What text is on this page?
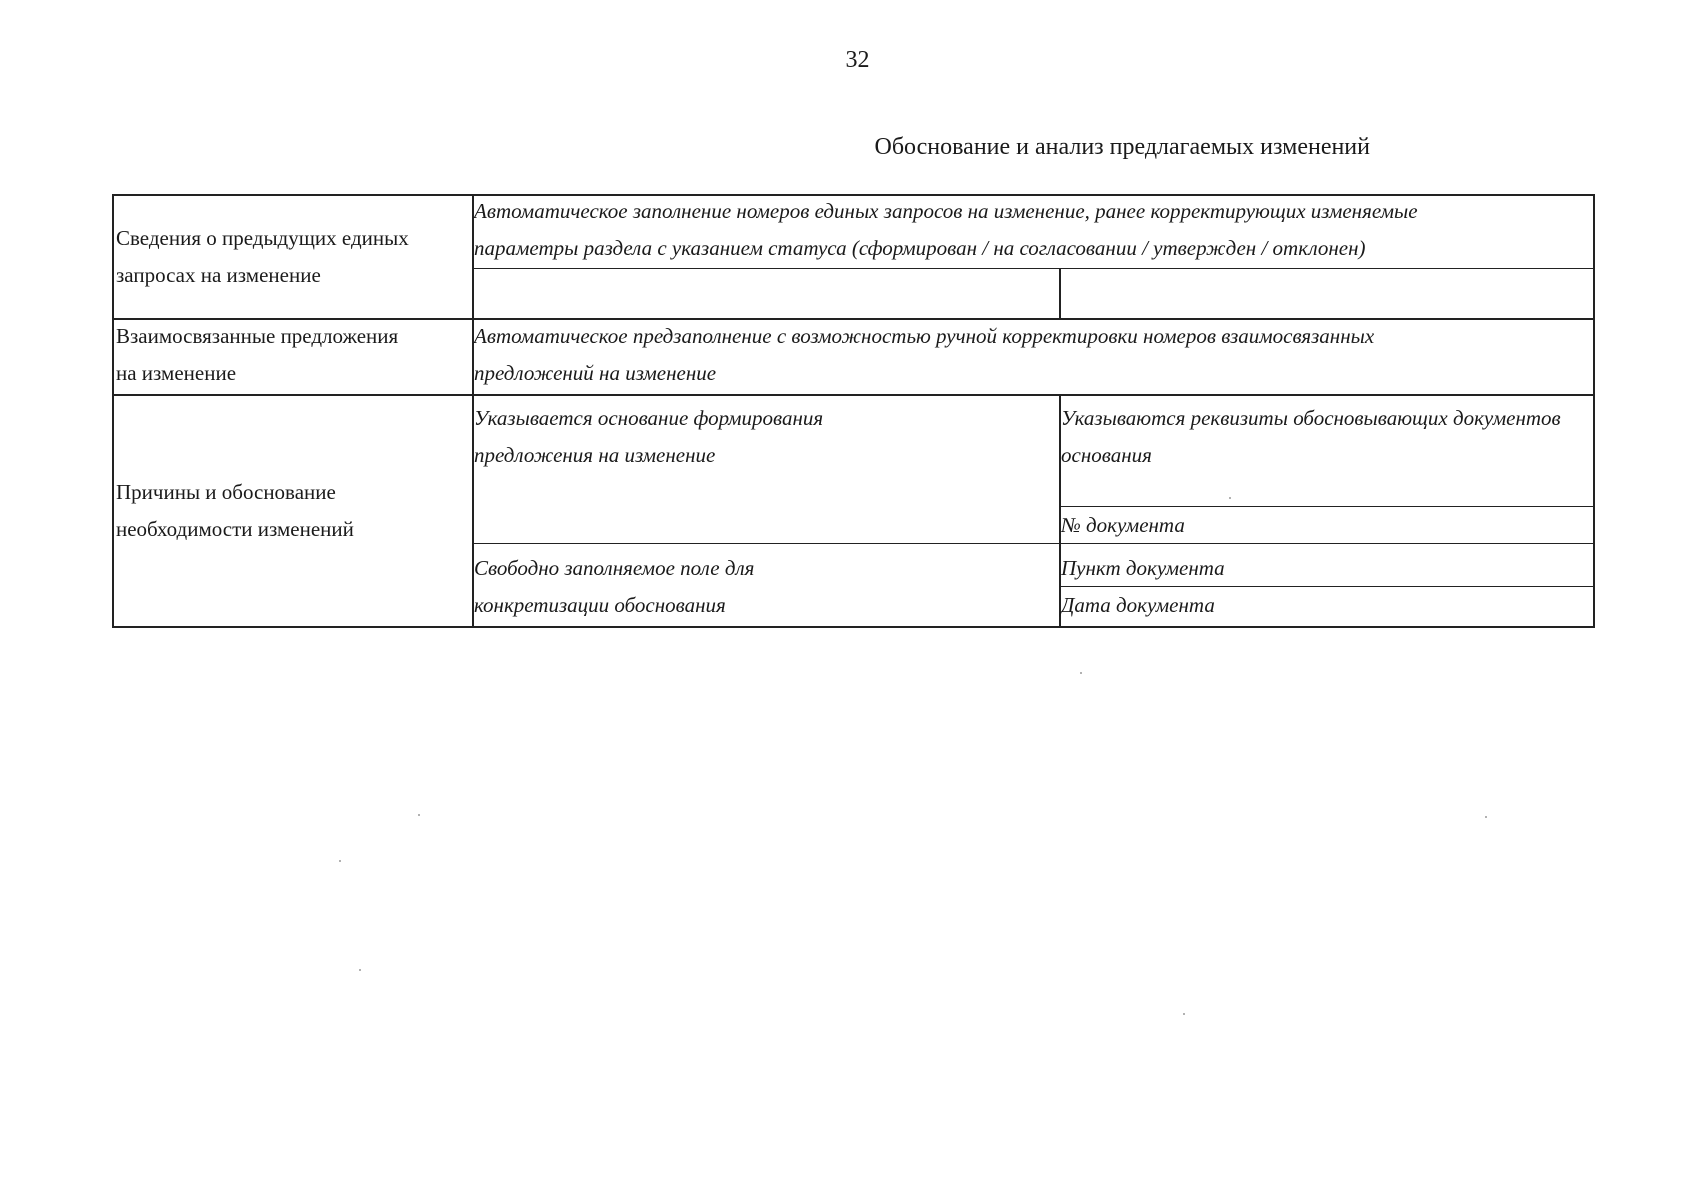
32
Обоснование и анализ предлагаемых изменений
Сведения о предыдущих единых
запросах на изменение
Автоматическое заполнение номеров единых запросов на изменение, ранее корректирующих изменяемые
параметры раздела с указанием статуса (сформирован / на согласовании / утвержден / отклонен)
Взаимосвязанные предложения
на изменение
Автоматическое предзаполнение с возможностью ручной корректировки номеров взаимосвязанных
предложений на изменение
Причины и обоснование
необходимости изменений
Указывается основание формирования
предложения на изменение
Указываются реквизиты обосновывающих документов
основания
№ документа
Свободно заполняемое поле для
конкретизации обоснования
Пункт документа
Дата документа
